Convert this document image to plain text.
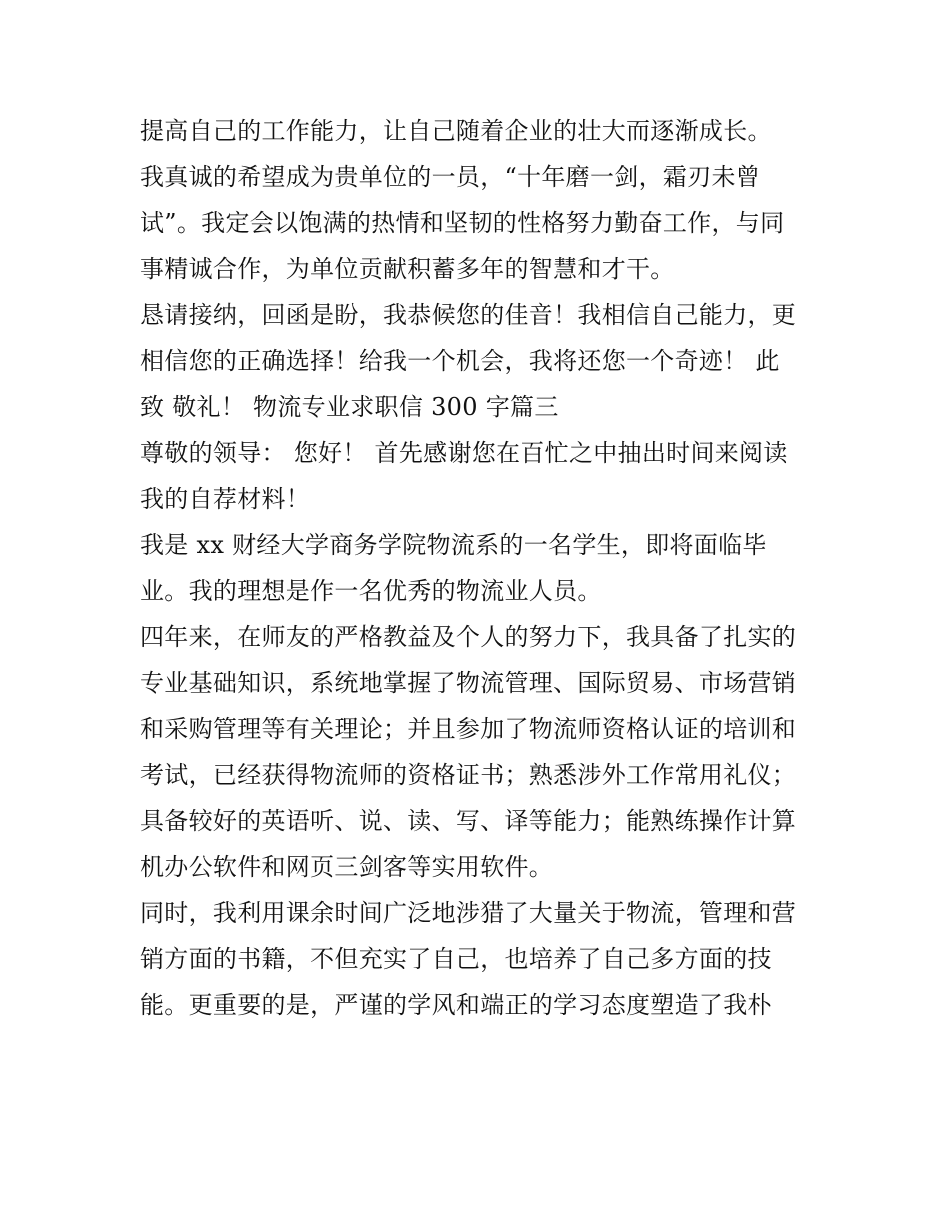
提高自己的工作能力，让自己随着企业的壮大而逐渐成长。
我真诚的希望成为贵单位的一员，“十年磨一剑，霜刃未曾
试”。我定会以饱满的热情和坚韧的性格努力勤奋工作，与同
事精诚合作，为单位贡献积蓄多年的智慧和才干。
恳请接纳，回函是盼，我恭候您的佳音！我相信自己能力，更
相信您的正确选择！给我一个机会，我将还您一个奇迹！ 此
致 敬礼！ 物流专业求职信 300 字篇三
尊敬的领导： 您好！ 首先感谢您在百忙之中抽出时间来阅读
我的自荐材料！
我是 xx 财经大学商务学院物流系的一名学生，即将面临毕
业。我的理想是作一名优秀的物流业人员。
四年来，在师友的严格教益及个人的努力下，我具备了扎实的
专业基础知识，系统地掌握了物流管理、国际贸易、市场营销
和采购管理等有关理论；并且参加了物流师资格认证的培训和
考试，已经获得物流师的资格证书；熟悉涉外工作常用礼仪；
具备较好的英语听、说、读、写、译等能力；能熟练操作计算
机办公软件和网页三剑客等实用软件。
同时，我利用课余时间广泛地涉猎了大量关于物流，管理和营
销方面的书籍，不但充实了自己，也培养了自己多方面的技
能。更重要的是，严谨的学风和端正的学习态度塑造了我朴
